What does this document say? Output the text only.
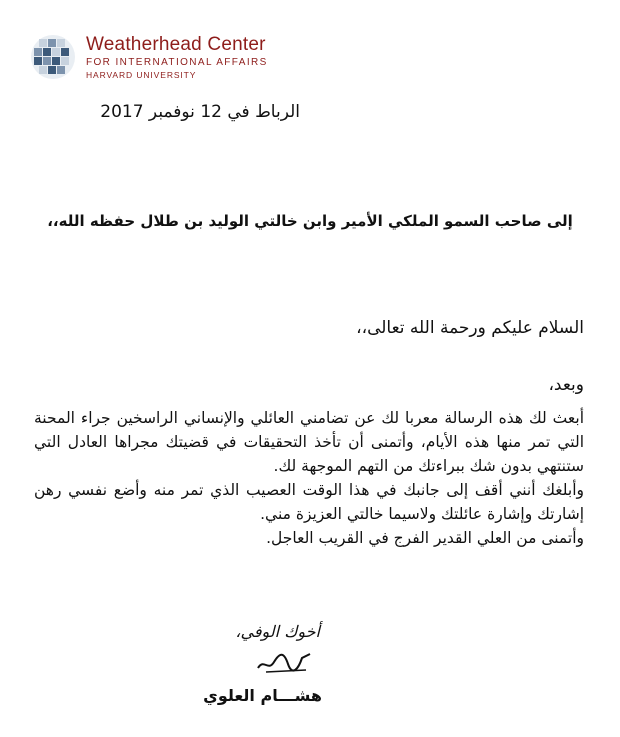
Weatherhead Center
FOR INTERNATIONAL AFFAIRS
HARVARD UNIVERSITY
الرباط في 12 نوفمبر 2017
إلى صاحب السمو الملكي الأمير وابن خالتي الوليد بن طلال حفظه الله،،
السلام عليكم ورحمة الله تعالى،،
وبعد،

أبعث لك هذه الرسالة معربا لك عن تضامني العائلي والإنساني الراسخين جراء المحنة التي تمر منها هذه الأيام، وأتمنى أن تأخذ التحقيقات في قضيتك مجراها العادل التي ستنتهي بدون شك ببراءتك من التهم الموجهة لك.

وأبلغك أنني أقف إلى جانبك في هذا الوقت العصيب الذي تمر منه وأضع نفسي رهن إشارتك وإشارة عائلتك ولاسيما خالتي العزيزة مني.

وأتمنى من العلي القدير الفرج في القريب العاجل.

أخوك الوفي،
هشـــام العلوي
